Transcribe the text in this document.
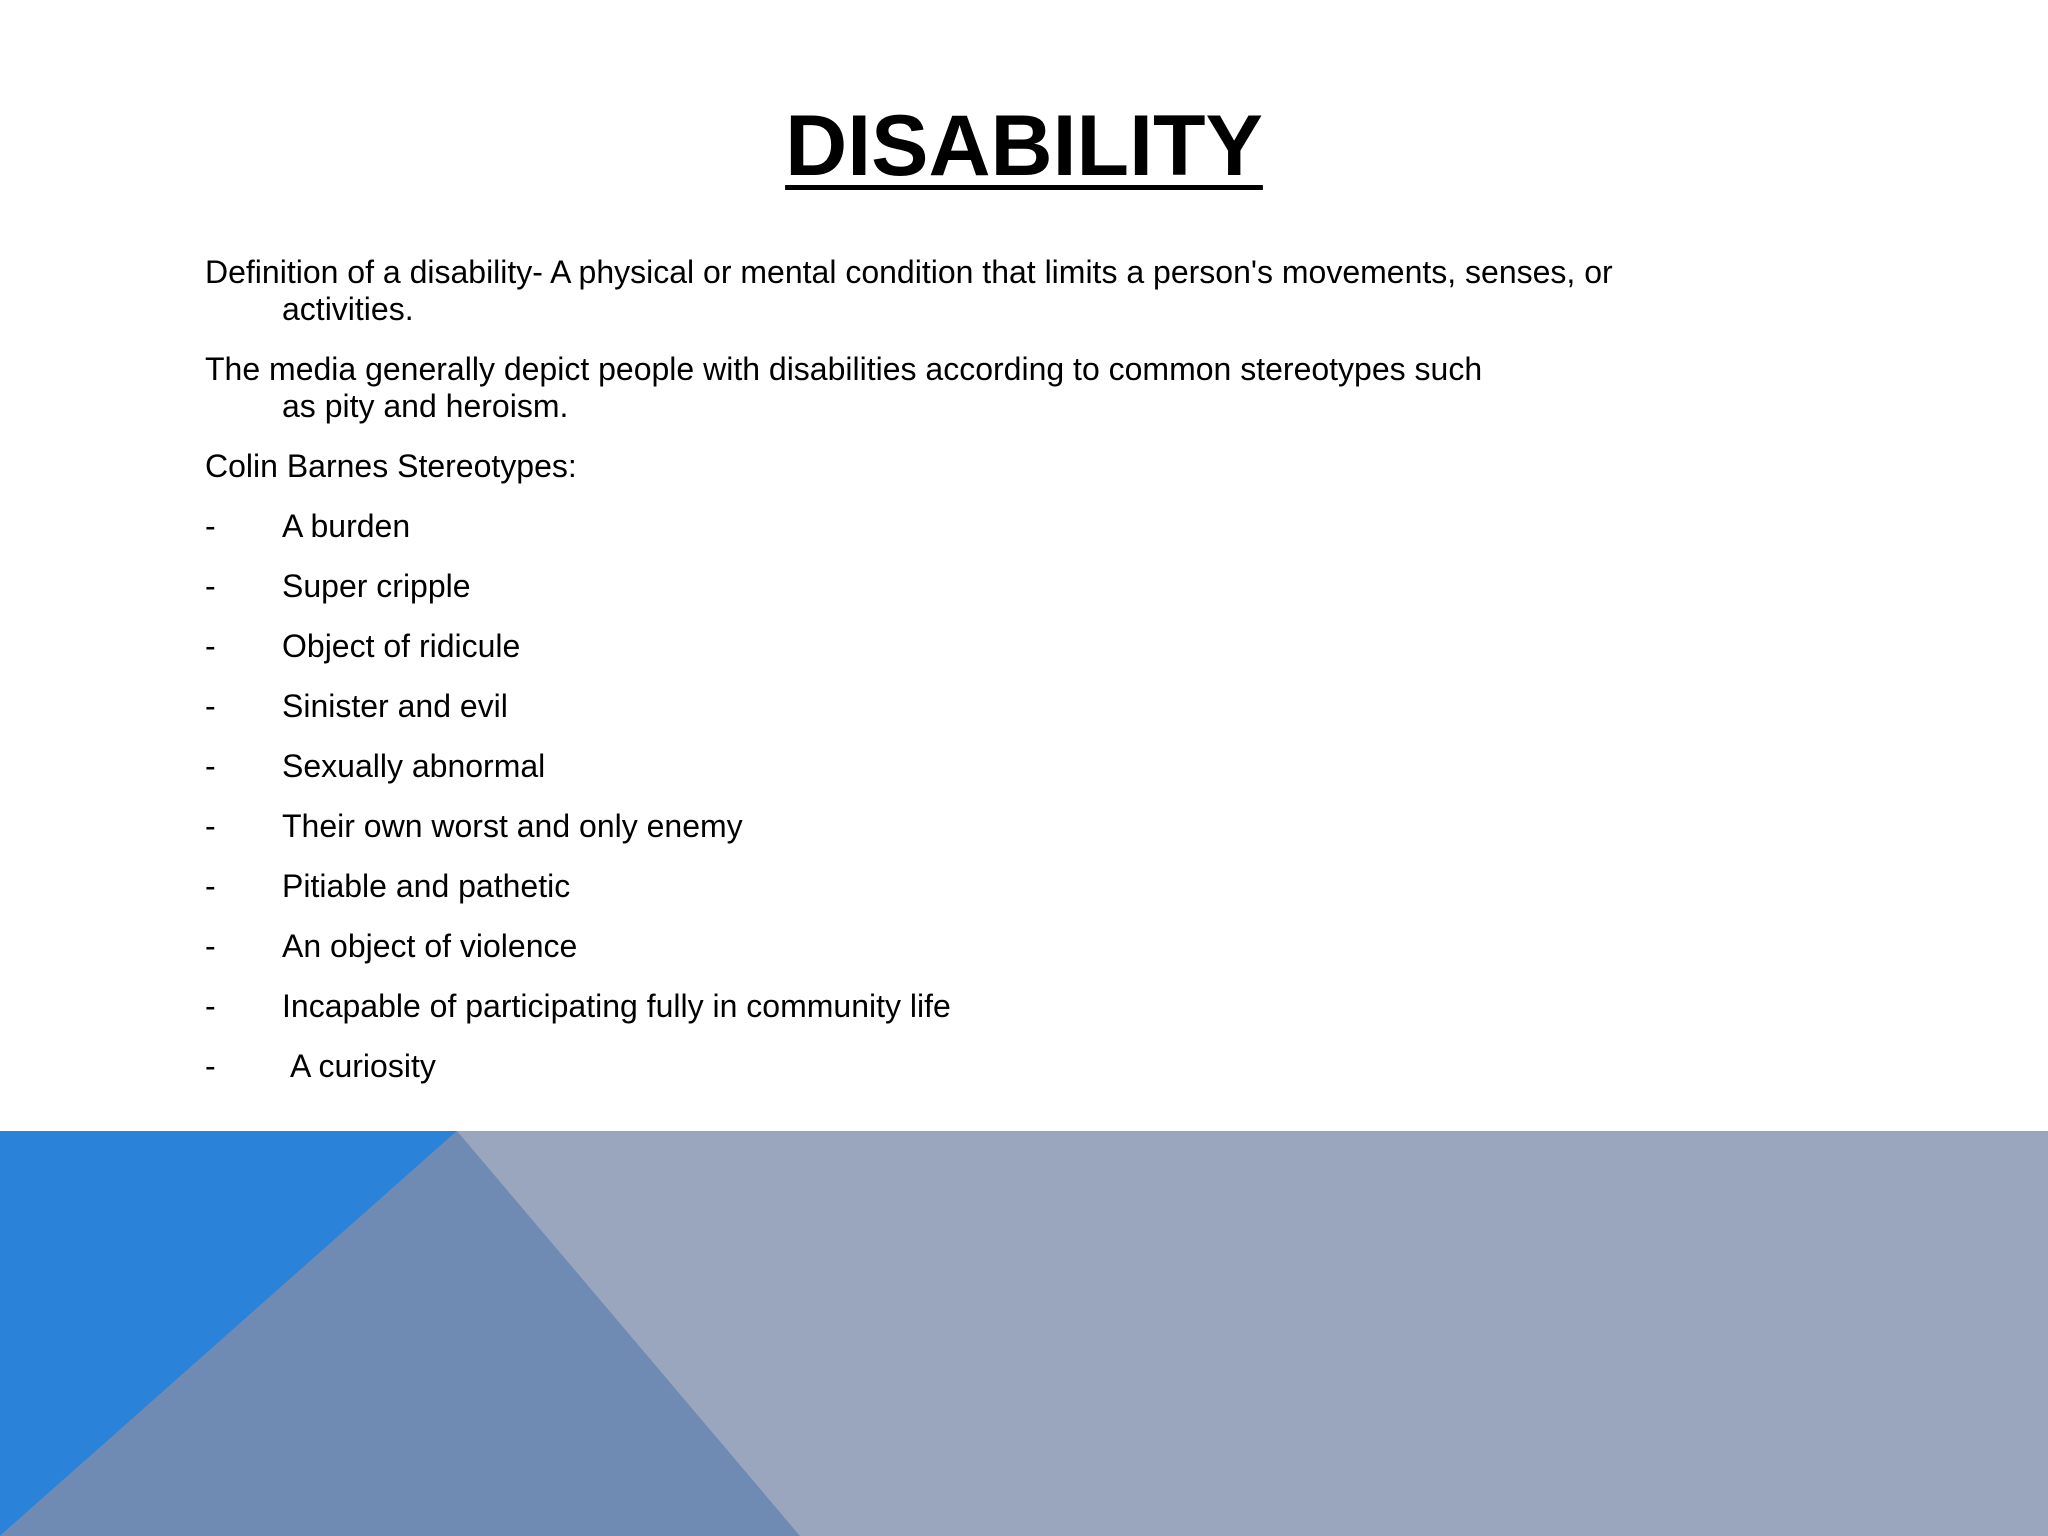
DISABILITY

Definition of a disability- A physical or mental condition that limits a person's movements, senses, or
activities.

The media generally depict people with disabilities according to common stereotypes such
as pity and heroism.

Colin Barnes Stereotypes:

-	A burden
-	Super cripple
-	Object of ridicule
-	Sinister and evil
-	Sexually abnormal
-	Their own worst and only enemy
-	Pitiable and pathetic
-	An object of violence
-	Incapable of participating fully in community life
-	A curiosity
